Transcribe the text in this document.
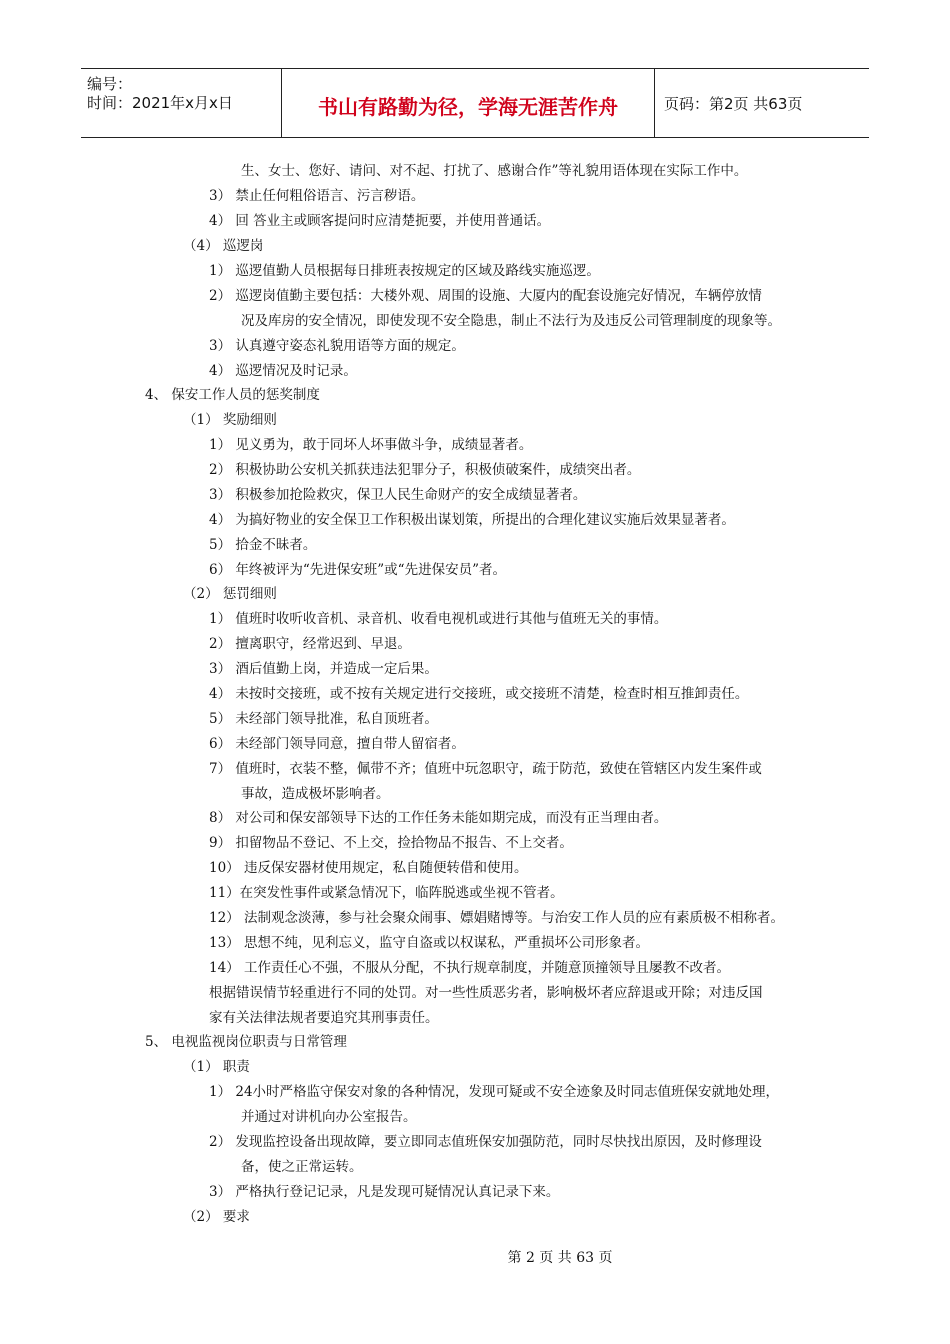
编号：
时间：2021年x月x日	书山有路勤为径，学海无涯苦作舟	页码：第2页 共63页
生、女士、您好、请问、对不起、打扰了、感谢合作”等礼貌用语体现在实际工作中。
3） 禁止任何粗俗语言、污言秽语。
4） 回 答业主或顾客提问时应清楚扼要，并使用普通话。
（4） 巡逻岗
1） 巡逻值勤人员根据每日排班表按规定的区域及路线实施巡逻。
2） 巡逻岗值勤主要包括：大楼外观、周围的设施、大厦内的配套设施完好情况，车辆停放情
况及库房的安全情况，即使发现不安全隐患，制止不法行为及违反公司管理制度的现象等。
3） 认真遵守姿态礼貌用语等方面的规定。
4） 巡逻情况及时记录。
4、 保安工作人员的惩奖制度
（1） 奖励细则
1） 见义勇为，敢于同坏人坏事做斗争，成绩显著者。
2） 积极协助公安机关抓获违法犯罪分子，积极侦破案件，成绩突出者。
3） 积极参加抢险救灾，保卫人民生命财产的安全成绩显著者。
4） 为搞好物业的安全保卫工作积极出谋划策，所提出的合理化建议实施后效果显著者。
5） 拾金不昧者。
6） 年终被评为“先进保安班”或“先进保安员”者。
（2） 惩罚细则
1） 值班时收听收音机、录音机、收看电视机或进行其他与值班无关的事情。
2） 擅离职守，经常迟到、早退。
3） 酒后值勤上岗，并造成一定后果。
4） 未按时交接班，或不按有关规定进行交接班，或交接班不清楚，检查时相互推卸责任。
5） 未经部门领导批准，私自顶班者。
6） 未经部门领导同意，擅自带人留宿者。
7） 值班时，衣装不整，佩带不齐；值班中玩忽职守，疏于防范，致使在管辖区内发生案件或
事故，造成极坏影响者。
8） 对公司和保安部领导下达的工作任务未能如期完成，而没有正当理由者。
9） 扣留物品不登记、不上交，捡拾物品不报告、不上交者。
10） 违反保安器材使用规定，私自随便转借和使用。
11）在突发性事件或紧急情况下，临阵脱逃或坐视不管者。
12） 法制观念淡薄，参与社会聚众闹事、嫖娼赌博等。与治安工作人员的应有素质极不相称者。
13） 思想不纯，见利忘义，监守自盗或以权谋私，严重损坏公司形象者。
14） 工作责任心不强，不服从分配，不执行规章制度，并随意顶撞领导且屡教不改者。
根据错误情节轻重进行不同的处罚。对一些性质恶劣者，影响极坏者应辞退或开除；对违反国
家有关法律法规者要追究其刑事责任。
5、 电视监视岗位职责与日常管理
（1） 职责
1） 24小时严格监守保安对象的各种情况，发现可疑或不安全迹象及时同志值班保安就地处理，
并通过对讲机向办公室报告。
2） 发现监控设备出现故障，要立即同志值班保安加强防范，同时尽快找出原因，及时修理设
备，使之正常运转。
3） 严格执行登记记录，凡是发现可疑情况认真记录下来。
（2） 要求
第 2 页 共 63 页
